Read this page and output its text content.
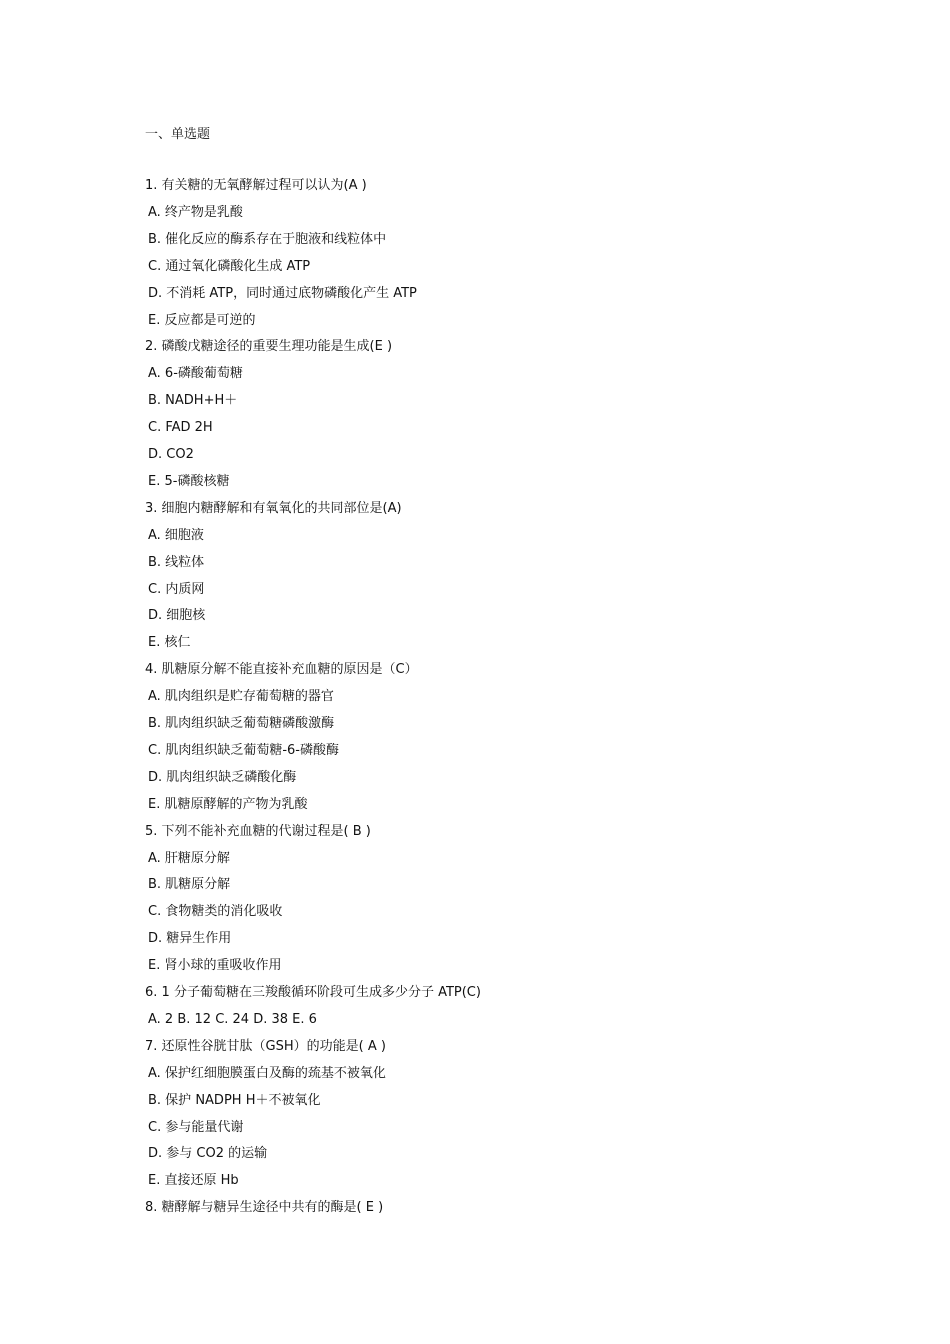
一、单选题
1. 有关糖的无氧酵解过程可以认为(A )
A. 终产物是乳酸
B. 催化反应的酶系存在于胞液和线粒体中
C. 通过氧化磷酸化生成 ATP
D. 不消耗 ATP，同时通过底物磷酸化产生 ATP
E. 反应都是可逆的
2. 磷酸戊糖途径的重要生理功能是生成(E )
A. 6-磷酸葡萄糖
B. NADH+H＋
C. FAD 2H
D. CO2
E. 5-磷酸核糖
3. 细胞内糖酵解和有氧氧化的共同部位是(A)
A. 细胞液
B. 线粒体
C. 内质网
D. 细胞核
E. 核仁
4. 肌糖原分解不能直接补充血糖的原因是（C）
A. 肌肉组织是贮存葡萄糖的器官
B. 肌肉组织缺乏葡萄糖磷酸激酶
C. 肌肉组织缺乏葡萄糖-6-磷酸酶
D. 肌肉组织缺乏磷酸化酶
E. 肌糖原酵解的产物为乳酸
5. 下列不能补充血糖的代谢过程是( B )
A. 肝糖原分解
B. 肌糖原分解
C. 食物糖类的消化吸收
D. 糖异生作用
E. 肾小球的重吸收作用
6. 1 分子葡萄糖在三羧酸循环阶段可生成多少分子 ATP(C)
A. 2 B. 12 C. 24 D. 38 E. 6
7. 还原性谷胱甘肽（GSH）的功能是( A )
A. 保护红细胞膜蛋白及酶的巯基不被氧化
B. 保护 NADPH H＋不被氧化
C. 参与能量代谢
D. 参与 CO2 的运输
E. 直接还原 Hb
8. 糖酵解与糖异生途径中共有的酶是( E )
